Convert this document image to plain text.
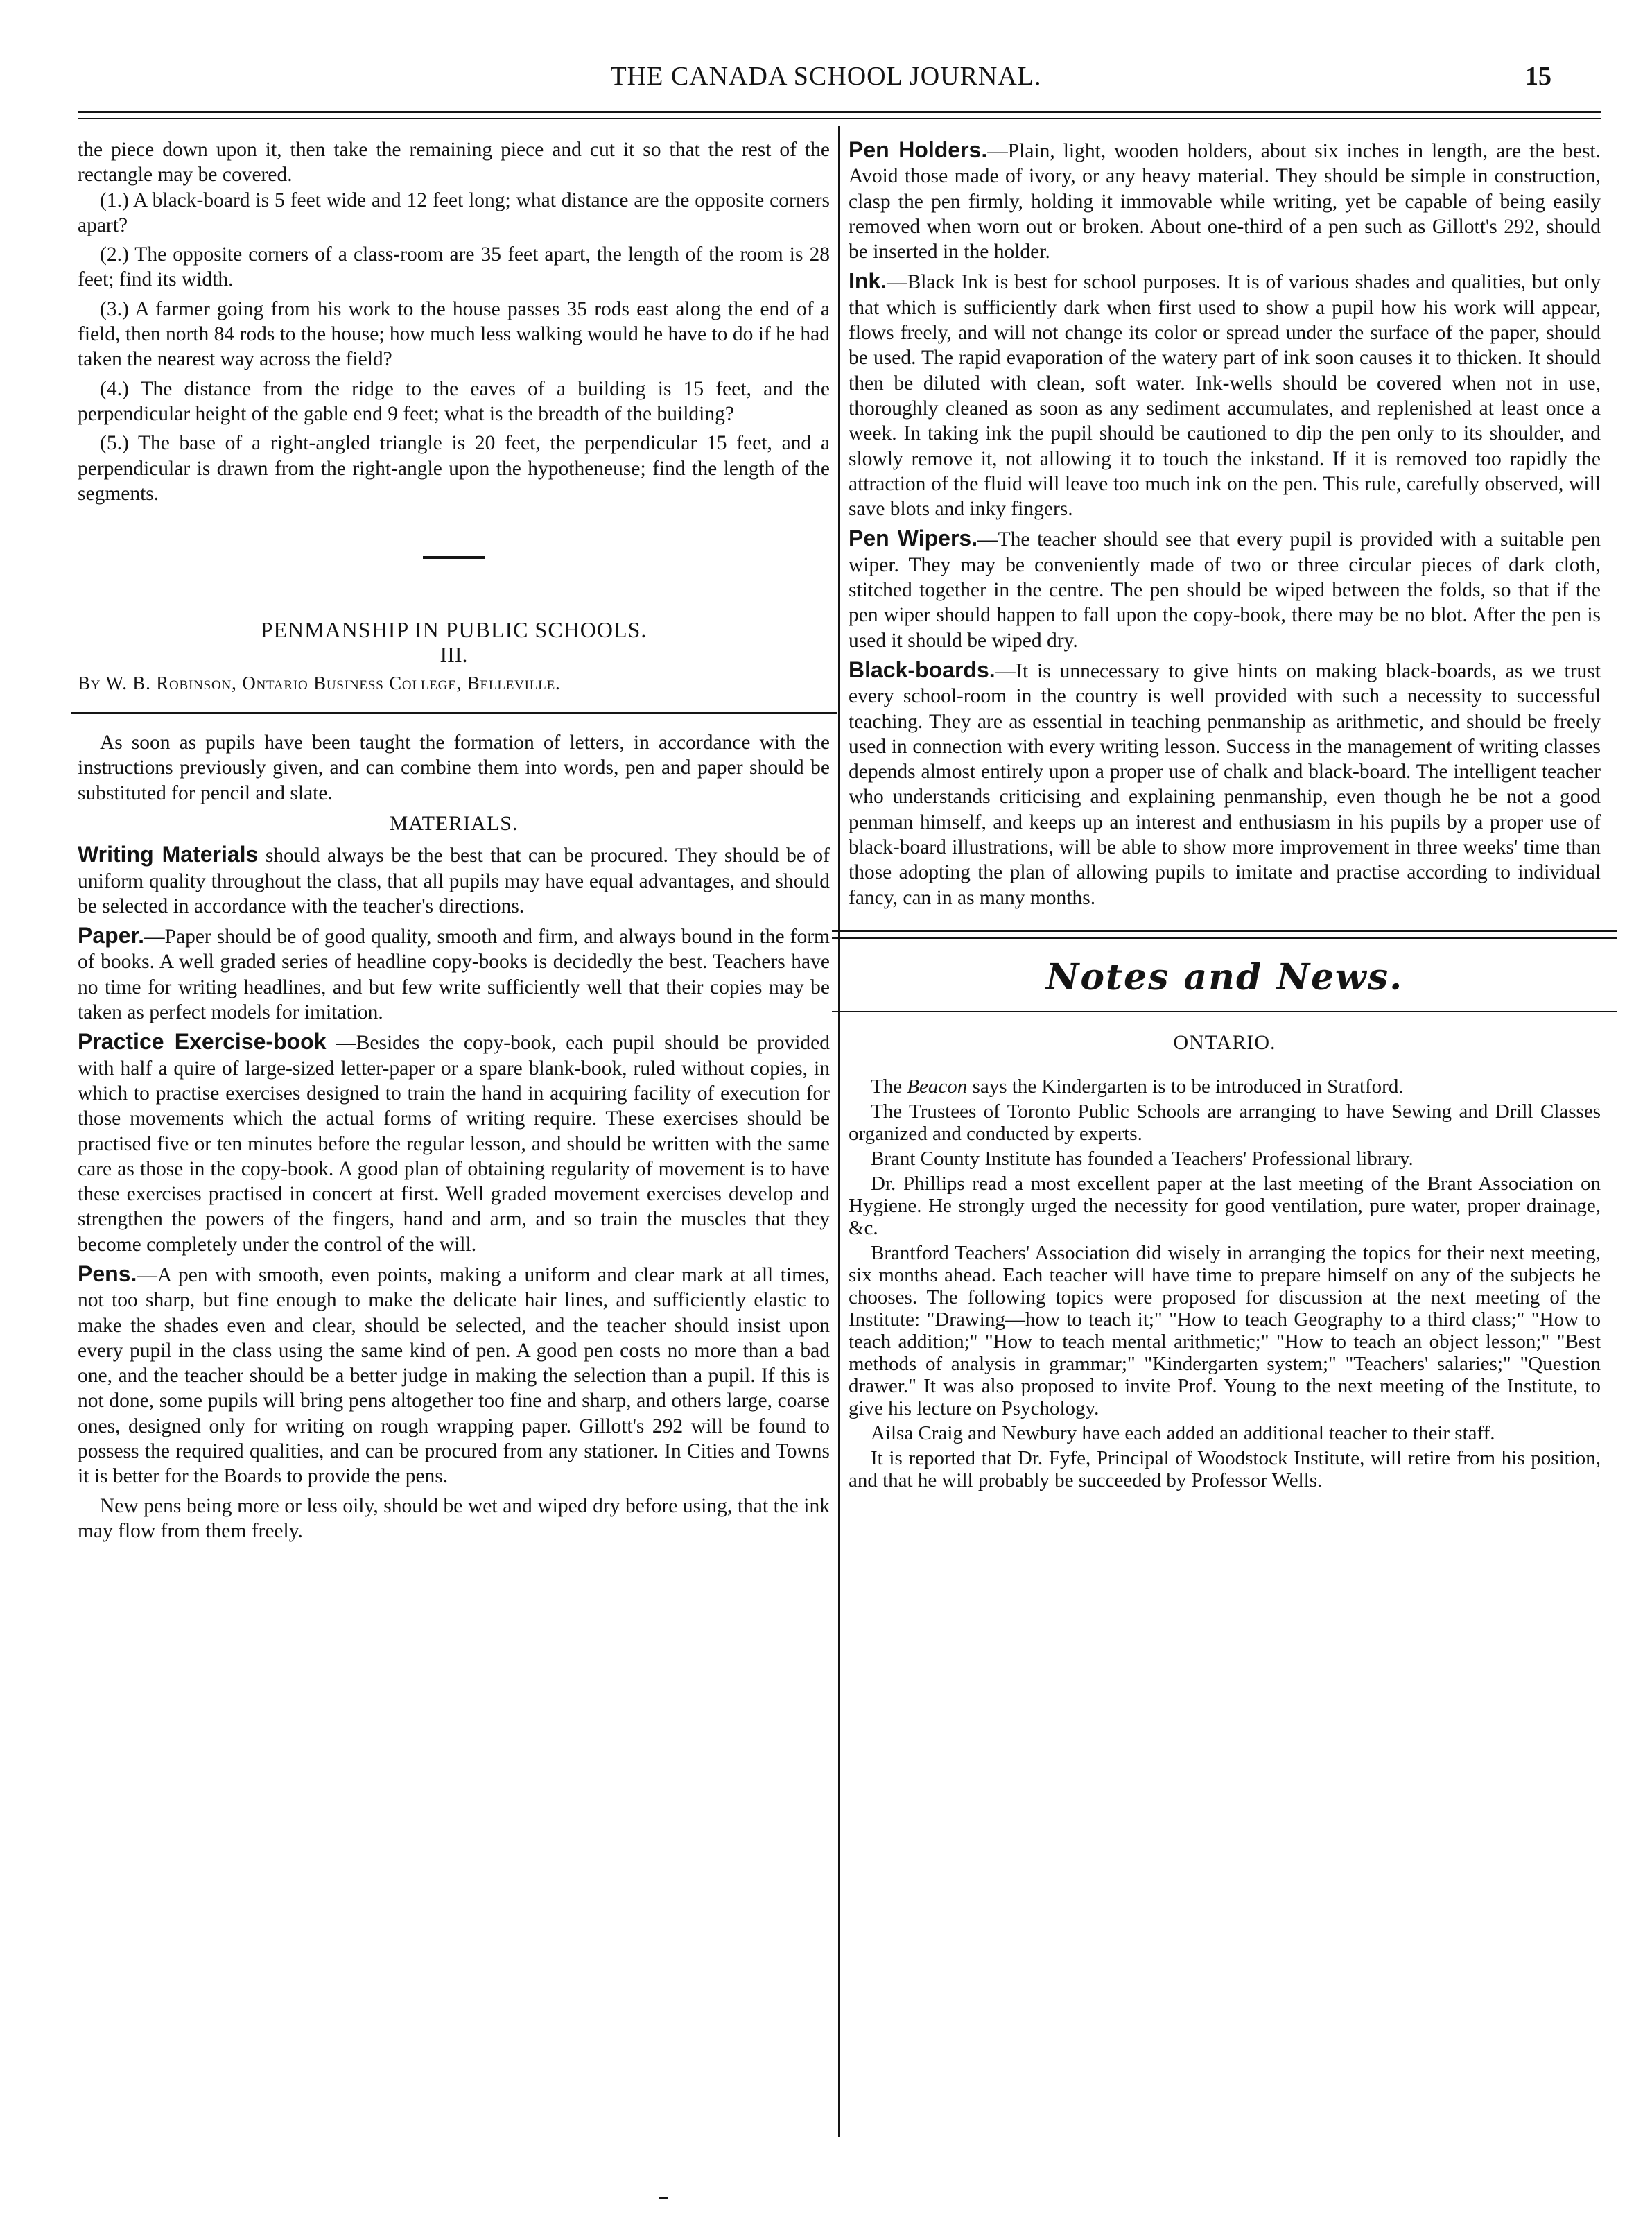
THE CANADA SCHOOL JOURNAL.	15

the piece down upon it, then take the remaining piece and cut it so that the rest of the rectangle may be covered.

(1.) A black-board is 5 feet wide and 12 feet long; what distance are the opposite corners apart?

(2.) The opposite corners of a class-room are 35 feet apart, the length of the room is 28 feet; find its width.

(3.) A farmer going from his work to the house passes 35 rods east along the end of a field, then north 84 rods to the house; how much less walking would he have to do if he had taken the nearest way across the field?

(4.) The distance from the ridge to the eaves of a building is 15 feet, and the perpendicular height of the gable end 9 feet; what is the breadth of the building?

(5.) The base of a right-angled triangle is 20 feet, the perpendicular 15 feet, and a perpendicular is drawn from the right-angle upon the hypotheneuse; find the length of the segments.

PENMANSHIP IN PUBLIC SCHOOLS.
III.
By W. B. Robinson, Ontario Business College, Belleville.

As soon as pupils have been taught the formation of letters, in accordance with the instructions previously given, and can combine them into words, pen and paper should be substituted for pencil and slate.

MATERIALS.

Writing Materials should always be the best that can be procured. They should be of uniform quality throughout the class, that all pupils may have equal advantages, and should be selected in accordance with the teacher's directions.

Paper.—Paper should be of good quality, smooth and firm, and always bound in the form of books. A well graded series of headline copy-books is decidedly the best. Teachers have no time for writing headlines, and but few write sufficiently well that their copies may be taken as perfect models for imitation.

Practice Exercise-book —Besides the copy-book, each pupil should be provided with half a quire of large-sized letter-paper or a spare blank-book, ruled without copies, in which to practise exercises designed to train the hand in acquiring facility of execution for those movements which the actual forms of writing require. These exercises should be practised five or ten minutes before the regular lesson, and should be written with the same care as those in the copy-book. A good plan of obtaining regularity of movement is to have these exercises practised in concert at first. Well graded movement exercises develop and strengthen the powers of the fingers, hand and arm, and so train the muscles that they become completely under the control of the will.

Pens.—A pen with smooth, even points, making a uniform and clear mark at all times, not too sharp, but fine enough to make the delicate hair lines, and sufficiently elastic to make the shades even and clear, should be selected, and the teacher should insist upon every pupil in the class using the same kind of pen. A good pen costs no more than a bad one, and the teacher should be a better judge in making the selection than a pupil. If this is not done, some pupils will bring pens altogether too fine and sharp, and others large, coarse ones, designed only for writing on rough wrapping paper. Gillott's 292 will be found to possess the required qualities, and can be procured from any stationer. In Cities and Towns it is better for the Boards to provide the pens.

New pens being more or less oily, should be wet and wiped dry before using, that the ink may flow from them freely.

Pen Holders.—Plain, light, wooden holders, about six inches in length, are the best. Avoid those made of ivory, or any heavy material. They should be simple in construction, clasp the pen firmly, holding it immovable while writing, yet be capable of being easily removed when worn out or broken. About one-third of a pen such as Gillott's 292, should be inserted in the holder.

Ink.—Black Ink is best for school purposes. It is of various shades and qualities, but only that which is sufficiently dark when first used to show a pupil how his work will appear, flows freely, and will not change its color or spread under the surface of the paper, should be used. The rapid evaporation of the watery part of ink soon causes it to thicken. It should then be diluted with clean, soft water. Ink-wells should be covered when not in use, thoroughly cleaned as soon as any sediment accumulates, and replenished at least once a week. In taking ink the pupil should be cautioned to dip the pen only to its shoulder, and slowly remove it, not allowing it to touch the inkstand. If it is removed too rapidly the attraction of the fluid will leave too much ink on the pen. This rule, carefully observed, will save blots and inky fingers.

Pen Wipers.—The teacher should see that every pupil is provided with a suitable pen wiper. They may be conveniently made of two or three circular pieces of dark cloth, stitched together in the centre. The pen should be wiped between the folds, so that if the pen wiper should happen to fall upon the copy-book, there may be no blot. After the pen is used it should be wiped dry.

Black-boards.—It is unnecessary to give hints on making black-boards, as we trust every school-room in the country is well provided with such a necessity to successful teaching. They are as essential in teaching penmanship as arithmetic, and should be freely used in connection with every writing lesson. Success in the management of writing classes depends almost entirely upon a proper use of chalk and black-board. The intelligent teacher who understands criticising and explaining penmanship, even though he be not a good penman himself, and keeps up an interest and enthusiasm in his pupils by a proper use of black-board illustrations, will be able to show more improvement in three weeks' time than those adopting the plan of allowing pupils to imitate and practise according to individual fancy, can in as many months.

Notes and News.
ONTARIO.

The Beacon says the Kindergarten is to be introduced in Stratford.

The Trustees of Toronto Public Schools are arranging to have Sewing and Drill Classes organized and conducted by experts.

Brant County Institute has founded a Teachers' Professional library.

Dr. Phillips read a most excellent paper at the last meeting of the Brant Association on Hygiene. He strongly urged the necessity for good ventilation, pure water, proper drainage, &c.

Brantford Teachers' Association did wisely in arranging the topics for their next meeting, six months ahead. Each teacher will have time to prepare himself on any of the subjects he chooses. The following topics were proposed for discussion at the next meeting of the Institute: "Drawing—how to teach it;" "How to teach Geography to a third class;" "How to teach addition;" "How to teach mental arithmetic;" "How to teach an object lesson;" "Best methods of analysis in grammar;" "Kindergarten system;" "Teachers' salaries;" "Question drawer." It was also proposed to invite Prof. Young to the next meeting of the Institute, to give his lecture on Psychology.

Ailsa Craig and Newbury have each added an additional teacher to their staff.

It is reported that Dr. Fyfe, Principal of Woodstock Institute, will retire from his position, and that he will probably be succeeded by Professor Wells.
